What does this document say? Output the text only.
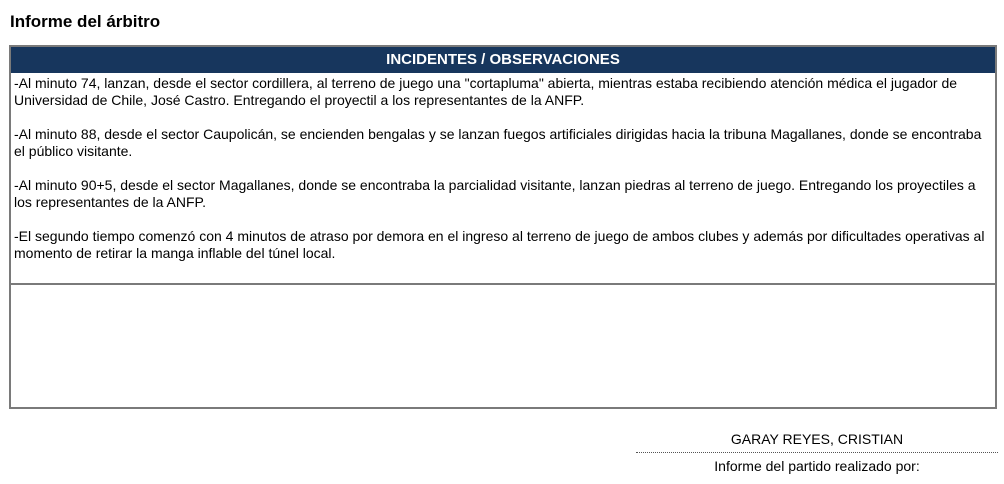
Informe del árbitro
INCIDENTES / OBSERVACIONES

-Al minuto 74, lanzan, desde el sector cordillera, al terreno de juego una "cortapluma" abierta, mientras estaba recibiendo atención médica el jugador de Universidad de Chile, José Castro. Entregando el proyectil a los representantes de la ANFP.

-Al minuto 88, desde el sector Caupolicán, se encienden bengalas y se lanzan fuegos artificiales dirigidas hacia la tribuna Magallanes, donde se encontraba el público visitante.

-Al minuto 90+5, desde el sector Magallanes, donde se encontraba la parcialidad visitante, lanzan piedras al terreno de juego. Entregando los proyectiles a los representantes de la ANFP.

-El segundo tiempo comenzó con 4 minutos de atraso por demora en el ingreso al terreno de juego de ambos clubes y además por dificultades operativas al momento de retirar la manga inflable del túnel local.

GARAY REYES, CRISTIAN
Informe del partido realizado por:
